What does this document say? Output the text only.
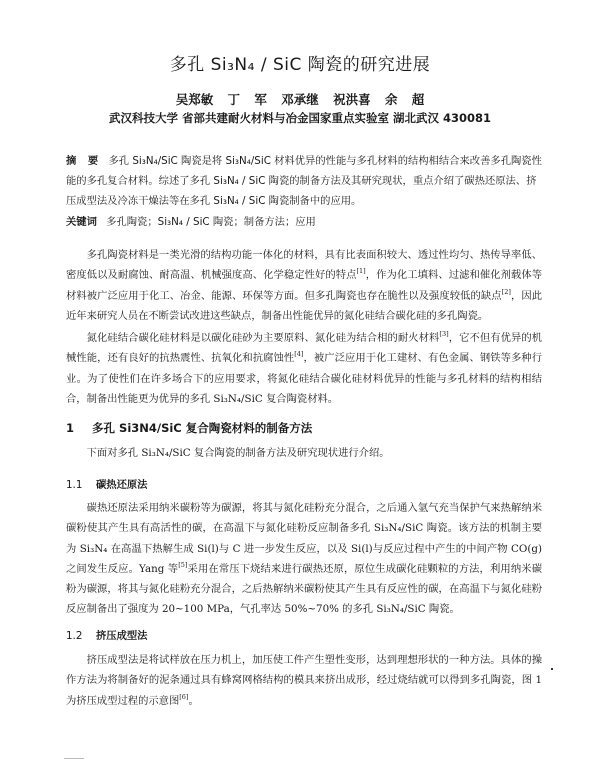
多孔 Si₃N₄ / SiC 陶瓷的研究进展
吴郑敏 丁 军 邓承继 祝洪喜 余 超
武汉科技大学 省部共建耐火材料与冶金国家重点实验室 湖北武汉 430081
摘 要 多孔 Si₃N₄/SiC 陶瓷是将 Si₃N₄/SiC 材料优异的性能与多孔材料的结构相结合来改善多孔陶瓷性能的多孔复合材料。综述了多孔 Si₃N₄ / SiC 陶瓷的制备方法及其研究现状，重点介绍了碳热还原法、挤压成型法及冷冻干燥法等在多孔 Si₃N₄ / SiC 陶瓷制备中的应用。
关键词 多孔陶瓷；Si₃N₄ / SiC 陶瓷；制备方法；应用
多孔陶瓷材料是一类光滑的结构功能一体化的材料，具有比表面积较大、透过性均匀、热传导率低、密度低以及耐腐蚀、耐高温、机械强度高、化学稳定性好的特点[1]，作为化工填料、过滤和催化剂载体等材料被广泛应用于化工、冶金、能源、环保等方面。但多孔陶瓷也存在脆性以及强度较低的缺点[2]，因此近年来研究人员在不断尝试改进这些缺点，制备出性能优异的氮化硅结合碳化硅的多孔陶瓷。
氮化硅结合碳化硅材料是以碳化硅砂为主要原料、氮化硅为结合相的耐火材料[3]，它不但有优异的机械性能，还有良好的抗热震性、抗氧化和抗腐蚀性[4]，被广泛应用于化工建材、有色金属、钢铁等多种行业。为了使性们在许多场合下的应用要求，将氮化硅结合碳化硅材料优异的性能与多孔材料的结构相结合，制备出性能更为优异的多孔 Si₃N₄/SiC 复合陶瓷材料。
1 多孔 Si3N4/SiC 复合陶瓷材料的制备方法
下面对多孔 Si₃N₄/SiC 复合陶瓷的制备方法及研究现状进行介绍。
1.1 碳热还原法
碳热还原法采用纳米碳粉等为碳源，将其与氮化硅粉充分混合，之后通入氩气充当保护气来热解纳米碳粉使其产生具有高活性的碳，在高温下与氮化硅粉反应制备多孔 Si₃N₄/SiC 陶瓷。该方法的机制主要为 Si₃N₄ 在高温下热解生成 Si(l)与 C 进一步发生反应，以及 Si(l)与反应过程中产生的中间产物 CO(g)之间发生反应。Yang 等[5]采用在常压下烧结来进行碳热还原，原位生成碳化硅颗粒的方法，利用纳米碳粉为碳源，将其与氮化硅粉充分混合，之后热解纳米碳粉使其产生具有反应性的碳，在高温下与氮化硅粉反应制备出了强度为 20~100 MPa，气孔率达 50%~70% 的多孔 Si₃N₄/SiC 陶瓷。
1.2 挤压成型法
挤压成型法是将试样放在压力机上，加压使工件产生塑性变形，达到理想形状的一种方法。具体的操作方法为将制备好的泥条通过具有蜂窝网格结构的模具来挤出成形，经过烧结就可以得到多孔陶瓷，图 1 为挤压成型过程的示意图[6]。
